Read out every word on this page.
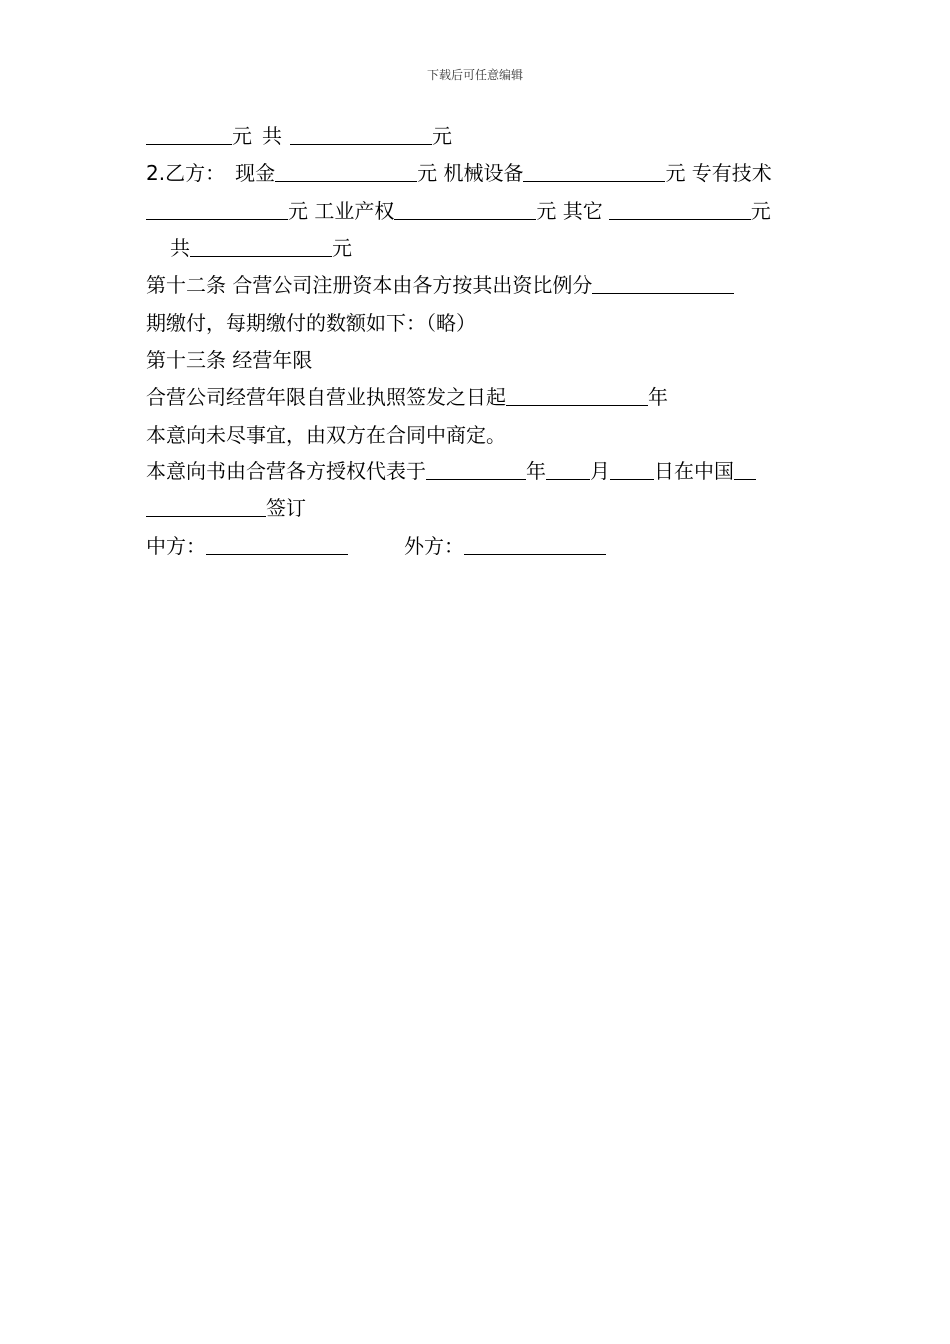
下载后可任意编辑
元 共	元
2.乙方： 现金	元 机械设备	元 专有技术
元 工业产权	元 其它	元
共	元
第十二条 合营公司注册资本由各方按其出资比例分
期缴付，每期缴付的数额如下：（略）
第十三条 经营年限
合营公司经营年限自营业执照签发之日起	年
本意向未尽事宜，由双方在合同中商定。
本意向书由合营各方授权代表于	年 月 日在中国
签订
中方：	外方：
